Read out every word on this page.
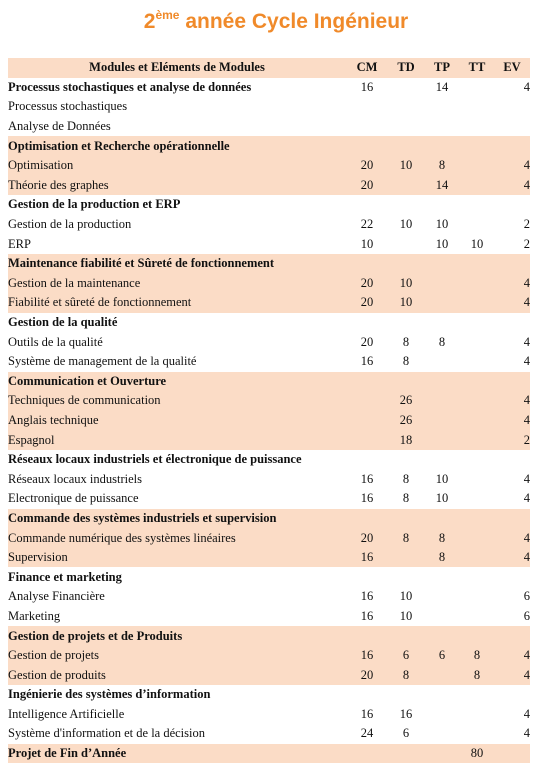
2ème année Cycle Ingénieur
Modules et Eléments de Modules	CM	TD	TP	TT	EV
Processus stochastiques et analyse de données	16		14		4
Processus stochastiques					
Analyse de Données					
Optimisation et Recherche opérationnelle					
Optimisation	20	10	8		4
Théorie des graphes	20		14		4
Gestion de la production et ERP					
Gestion de la production	22	10	10		2
ERP	10		10	10	2
Maintenance fiabilité et Sûreté de fonctionnement					
Gestion de la maintenance	20	10			4
Fiabilité et sûreté de fonctionnement	20	10			4
Gestion de la qualité					
Outils de la qualité	20	8	8		4
Système de management de la qualité	16	8			4
Communication et Ouverture					
Techniques de communication		26			4
Anglais technique		26			4
Espagnol		18			2
Réseaux locaux industriels et électronique de puissance					
Réseaux locaux industriels	16	8	10		4
Electronique de puissance	16	8	10		4
Commande des systèmes industriels et supervision					
Commande numérique des systèmes linéaires	20	8	8		4
Supervision	16		8		4
Finance et marketing					
Analyse Financière	16	10			6
Marketing	16	10			6
Gestion de projets et de Produits					
Gestion de projets	16	6	6	8	4
Gestion de produits	20	8		8	4
Ingénierie des systèmes d’information					
Intelligence Artificielle	16	16			4
Système d'information et de la décision	24	6			4
Projet de Fin d’Année				80	
